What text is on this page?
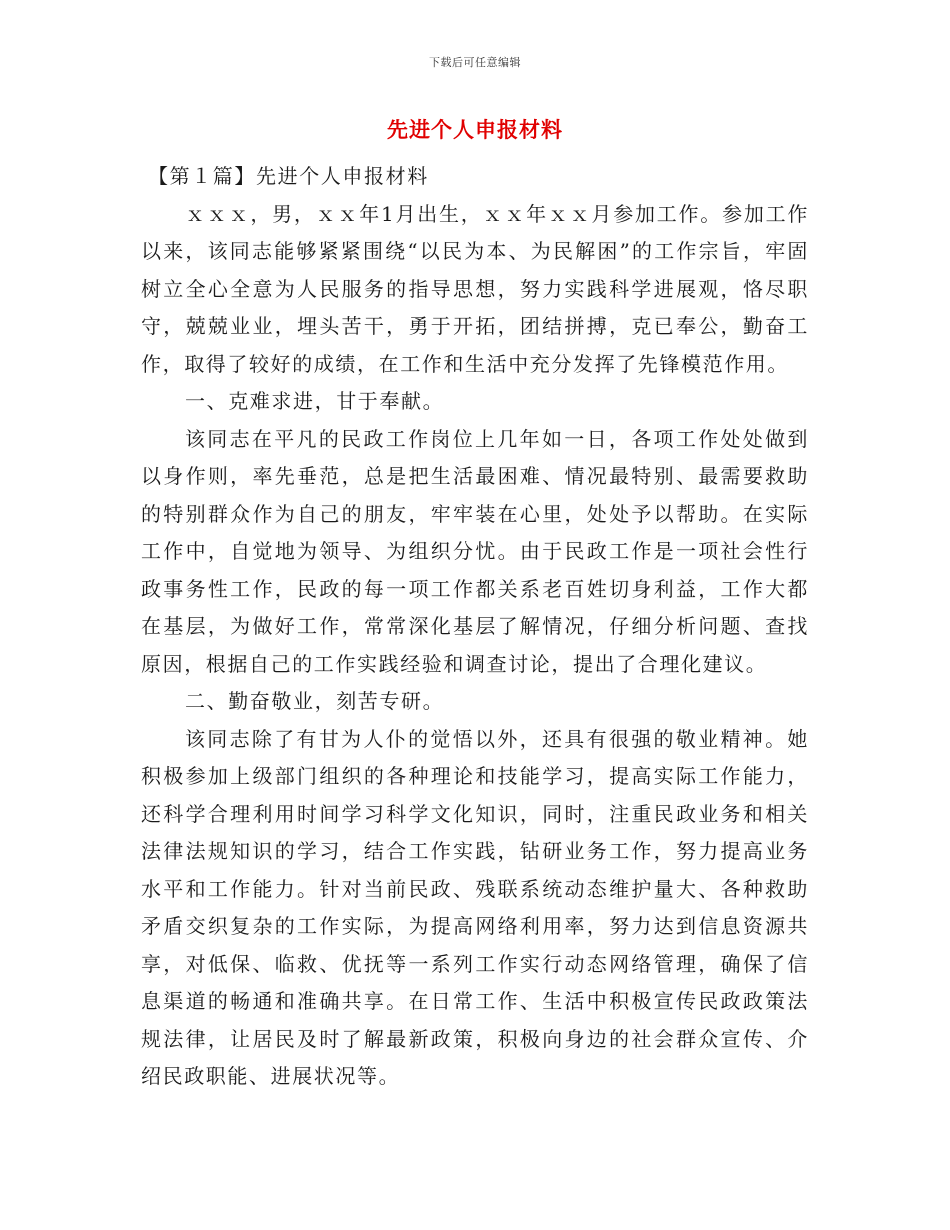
下载后可任意编辑
先进个人申报材料

【第１篇】先进个人申报材料

ｘｘｘ，男，ｘｘ年1月出生，ｘｘ年ｘｘ月参加工作。参加工作以来，该同志能够紧紧围绕“以民为本、为民解困”的工作宗旨，牢固树立全心全意为人民服务的指导思想，努力实践科学进展观，恪尽职守，兢兢业业，埋头苦干，勇于开拓，团结拼搏，克已奉公，勤奋工作，取得了较好的成绩，在工作和生活中充分发挥了先锋模范作用。

一、克难求进，甘于奉献。

该同志在平凡的民政工作岗位上几年如一日，各项工作处处做到以身作则，率先垂范，总是把生活最困难、情况最特别、最需要救助的特别群众作为自己的朋友，牢牢装在心里，处处予以帮助。在实际工作中，自觉地为领导、为组织分忧。由于民政工作是一项社会性行政事务性工作，民政的每一项工作都关系老百姓切身利益，工作大都在基层，为做好工作，常常深化基层了解情况，仔细分析问题、查找原因，根据自己的工作实践经验和调查讨论，提出了合理化建议。

二、勤奋敬业，刻苦专研。

该同志除了有甘为人仆的觉悟以外，还具有很强的敬业精神。她积极参加上级部门组织的各种理论和技能学习，提高实际工作能力，还科学合理利用时间学习科学文化知识，同时，注重民政业务和相关法律法规知识的学习，结合工作实践，钻研业务工作，努力提高业务水平和工作能力。针对当前民政、残联系统动态维护量大、各种救助矛盾交织复杂的工作实际，为提高网络利用率，努力达到信息资源共享，对低保、临救、优抚等一系列工作实行动态网络管理，确保了信息渠道的畅通和准确共享。在日常工作、生活中积极宣传民政政策法规法律，让居民及时了解最新政策，积极向身边的社会群众宣传、介绍民政职能、进展状况等。
